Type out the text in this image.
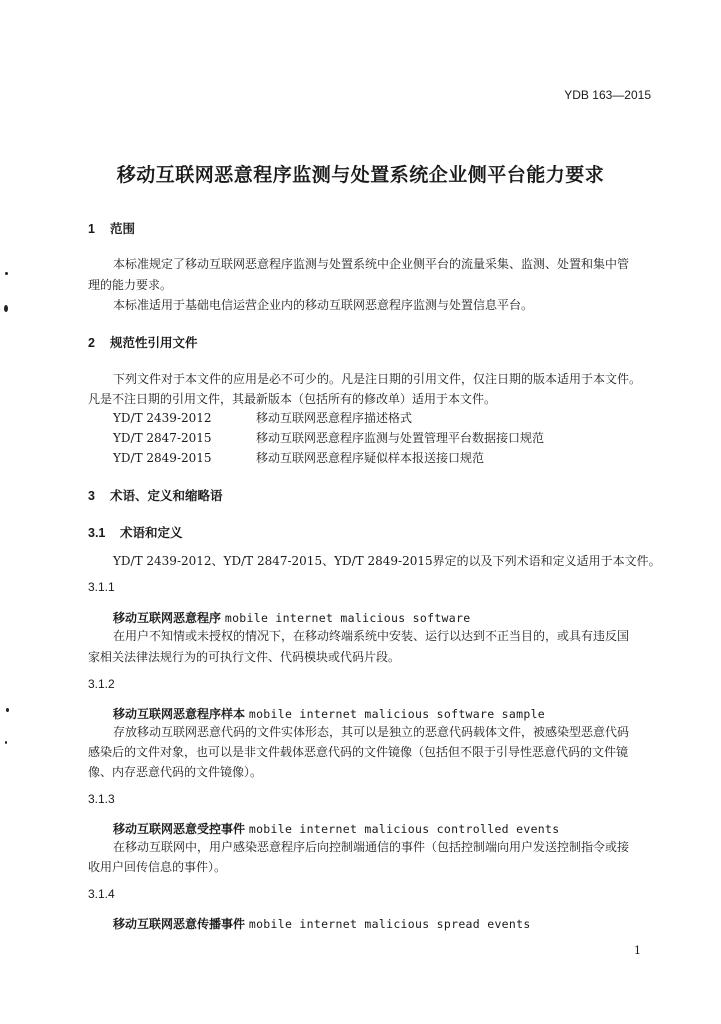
YDB 163—2015
移动互联网恶意程序监测与处置系统企业侧平台能力要求
1 范围
本标准规定了移动互联网恶意程序监测与处置系统中企业侧平台的流量采集、监测、处置和集中管
理的能力要求。
本标准适用于基础电信运营企业内的移动互联网恶意程序监测与处置信息平台。
2 规范性引用文件
下列文件对于本文件的应用是必不可少的。凡是注日期的引用文件，仅注日期的版本适用于本文件。
凡是不注日期的引用文件，其最新版本（包括所有的修改单）适用于本文件。
YD/T 2439-2012	移动互联网恶意程序描述格式
YD/T 2847-2015	移动互联网恶意程序监测与处置管理平台数据接口规范
YD/T 2849-2015	移动互联网恶意程序疑似样本报送接口规范
3 术语、定义和缩略语
3.1 术语和定义
YD/T 2439-2012、YD/T 2847-2015、YD/T 2849-2015界定的以及下列术语和定义适用于本文件。
3.1.1
移动互联网恶意程序 mobile internet malicious software
在用户不知情或未授权的情况下，在移动终端系统中安装、运行以达到不正当目的，或具有违反国
家相关法律法规行为的可执行文件、代码模块或代码片段。
3.1.2
移动互联网恶意程序样本 mobile internet malicious software sample
存放移动互联网恶意代码的文件实体形态，其可以是独立的恶意代码载体文件，被感染型恶意代码
感染后的文件对象，也可以是非文件载体恶意代码的文件镜像（包括但不限于引导性恶意代码的文件镜
像、内存恶意代码的文件镜像）。
3.1.3
移动互联网恶意受控事件 mobile internet malicious controlled events
在移动互联网中，用户感染恶意程序后向控制端通信的事件（包括控制端向用户发送控制指令或接
收用户回传信息的事件）。
3.1.4
移动互联网恶意传播事件 mobile internet malicious spread events
1
